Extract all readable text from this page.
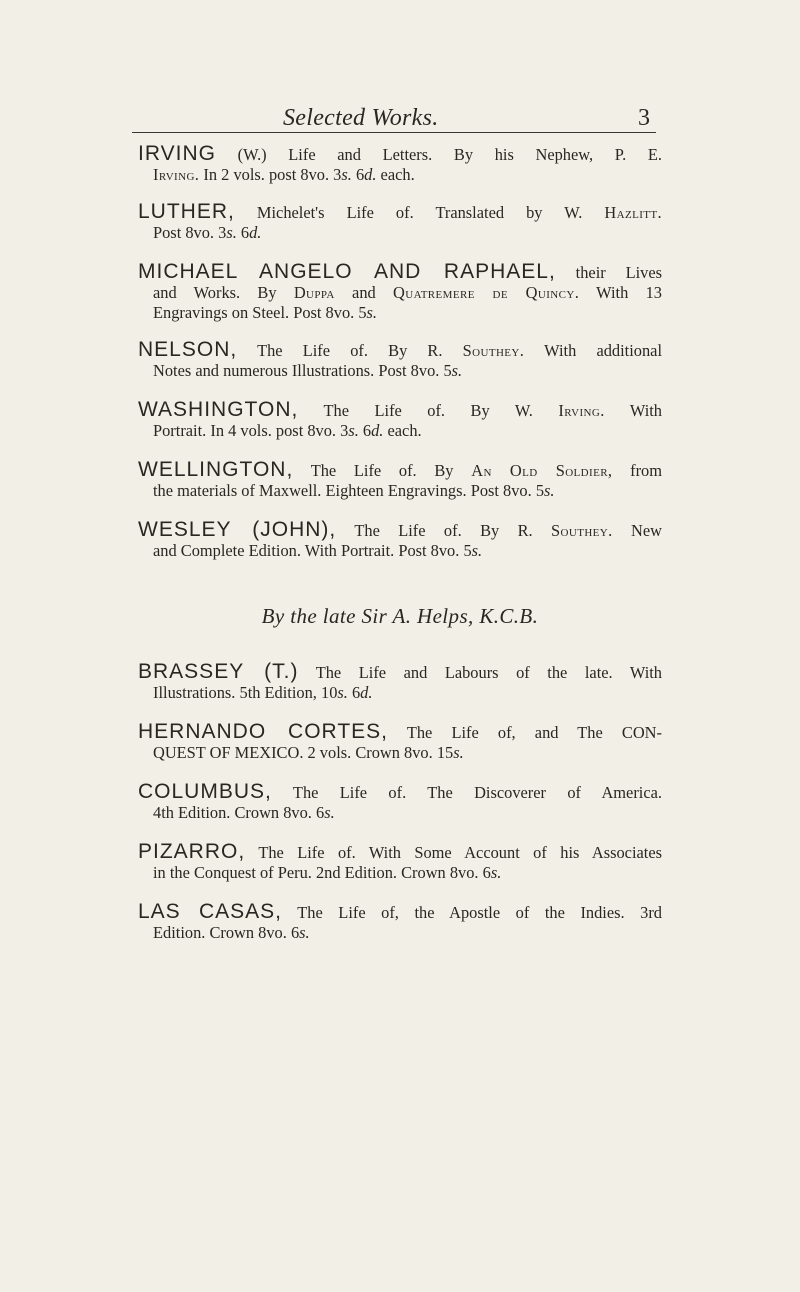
Selected Works.	3
IRVING (W.) Life and Letters. By his Nephew, P. E.
Irving. In 2 vols. post 8vo. 3s. 6d. each.
LUTHER, Michelet's Life of. Translated by W. Hazlitt.
Post 8vo. 3s. 6d.
MICHAEL ANGELO AND RAPHAEL, their Lives
and Works. By Duppa and Quatremere de Quincy. With 13
Engravings on Steel. Post 8vo. 5s.
NELSON, The Life of. By R. Southey. With additional
Notes and numerous Illustrations. Post 8vo. 5s.
WASHINGTON, The Life of. By W. Irving. With
Portrait. In 4 vols. post 8vo. 3s. 6d. each.
WELLINGTON, The Life of. By An Old Soldier, from
the materials of Maxwell. Eighteen Engravings. Post 8vo. 5s.
WESLEY (JOHN), The Life of. By R. Southey. New
and Complete Edition. With Portrait. Post 8vo. 5s.
By the late Sir A. Helps, K.C.B.
BRASSEY (T.) The Life and Labours of the late. With
Illustrations. 5th Edition, 10s. 6d.
HERNANDO CORTES, The Life of, and The CON-
QUEST OF MEXICO. 2 vols. Crown 8vo. 15s.
COLUMBUS, The Life of. The Discoverer of America.
4th Edition. Crown 8vo. 6s.
PIZARRO, The Life of. With Some Account of his Associates
in the Conquest of Peru. 2nd Edition. Crown 8vo. 6s.
LAS CASAS, The Life of, the Apostle of the Indies. 3rd
Edition. Crown 8vo. 6s.
